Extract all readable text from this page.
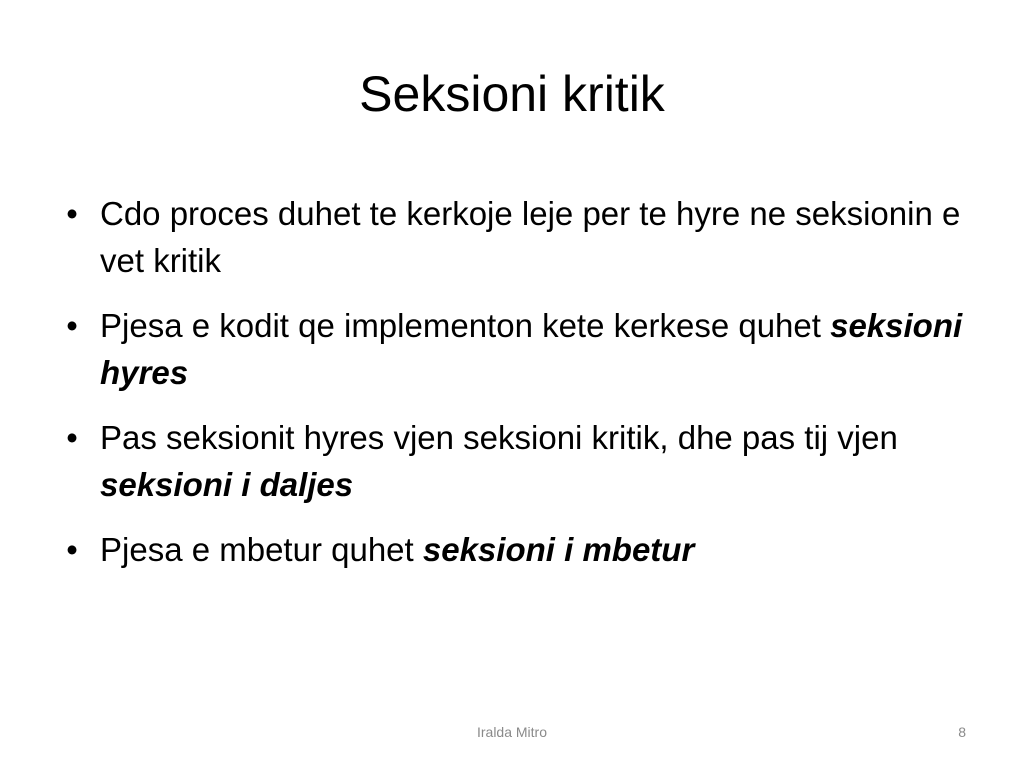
Seksioni kritik
• Cdo proces duhet te kerkoje leje per te hyre ne seksionin e vet kritik
• Pjesa e kodit qe implementon kete kerkese quhet seksioni hyres
• Pas seksionit hyres vjen seksioni kritik, dhe pas tij vjen seksioni i daljes
• Pjesa e mbetur quhet seksioni i mbetur
Iralda Mitro	8
